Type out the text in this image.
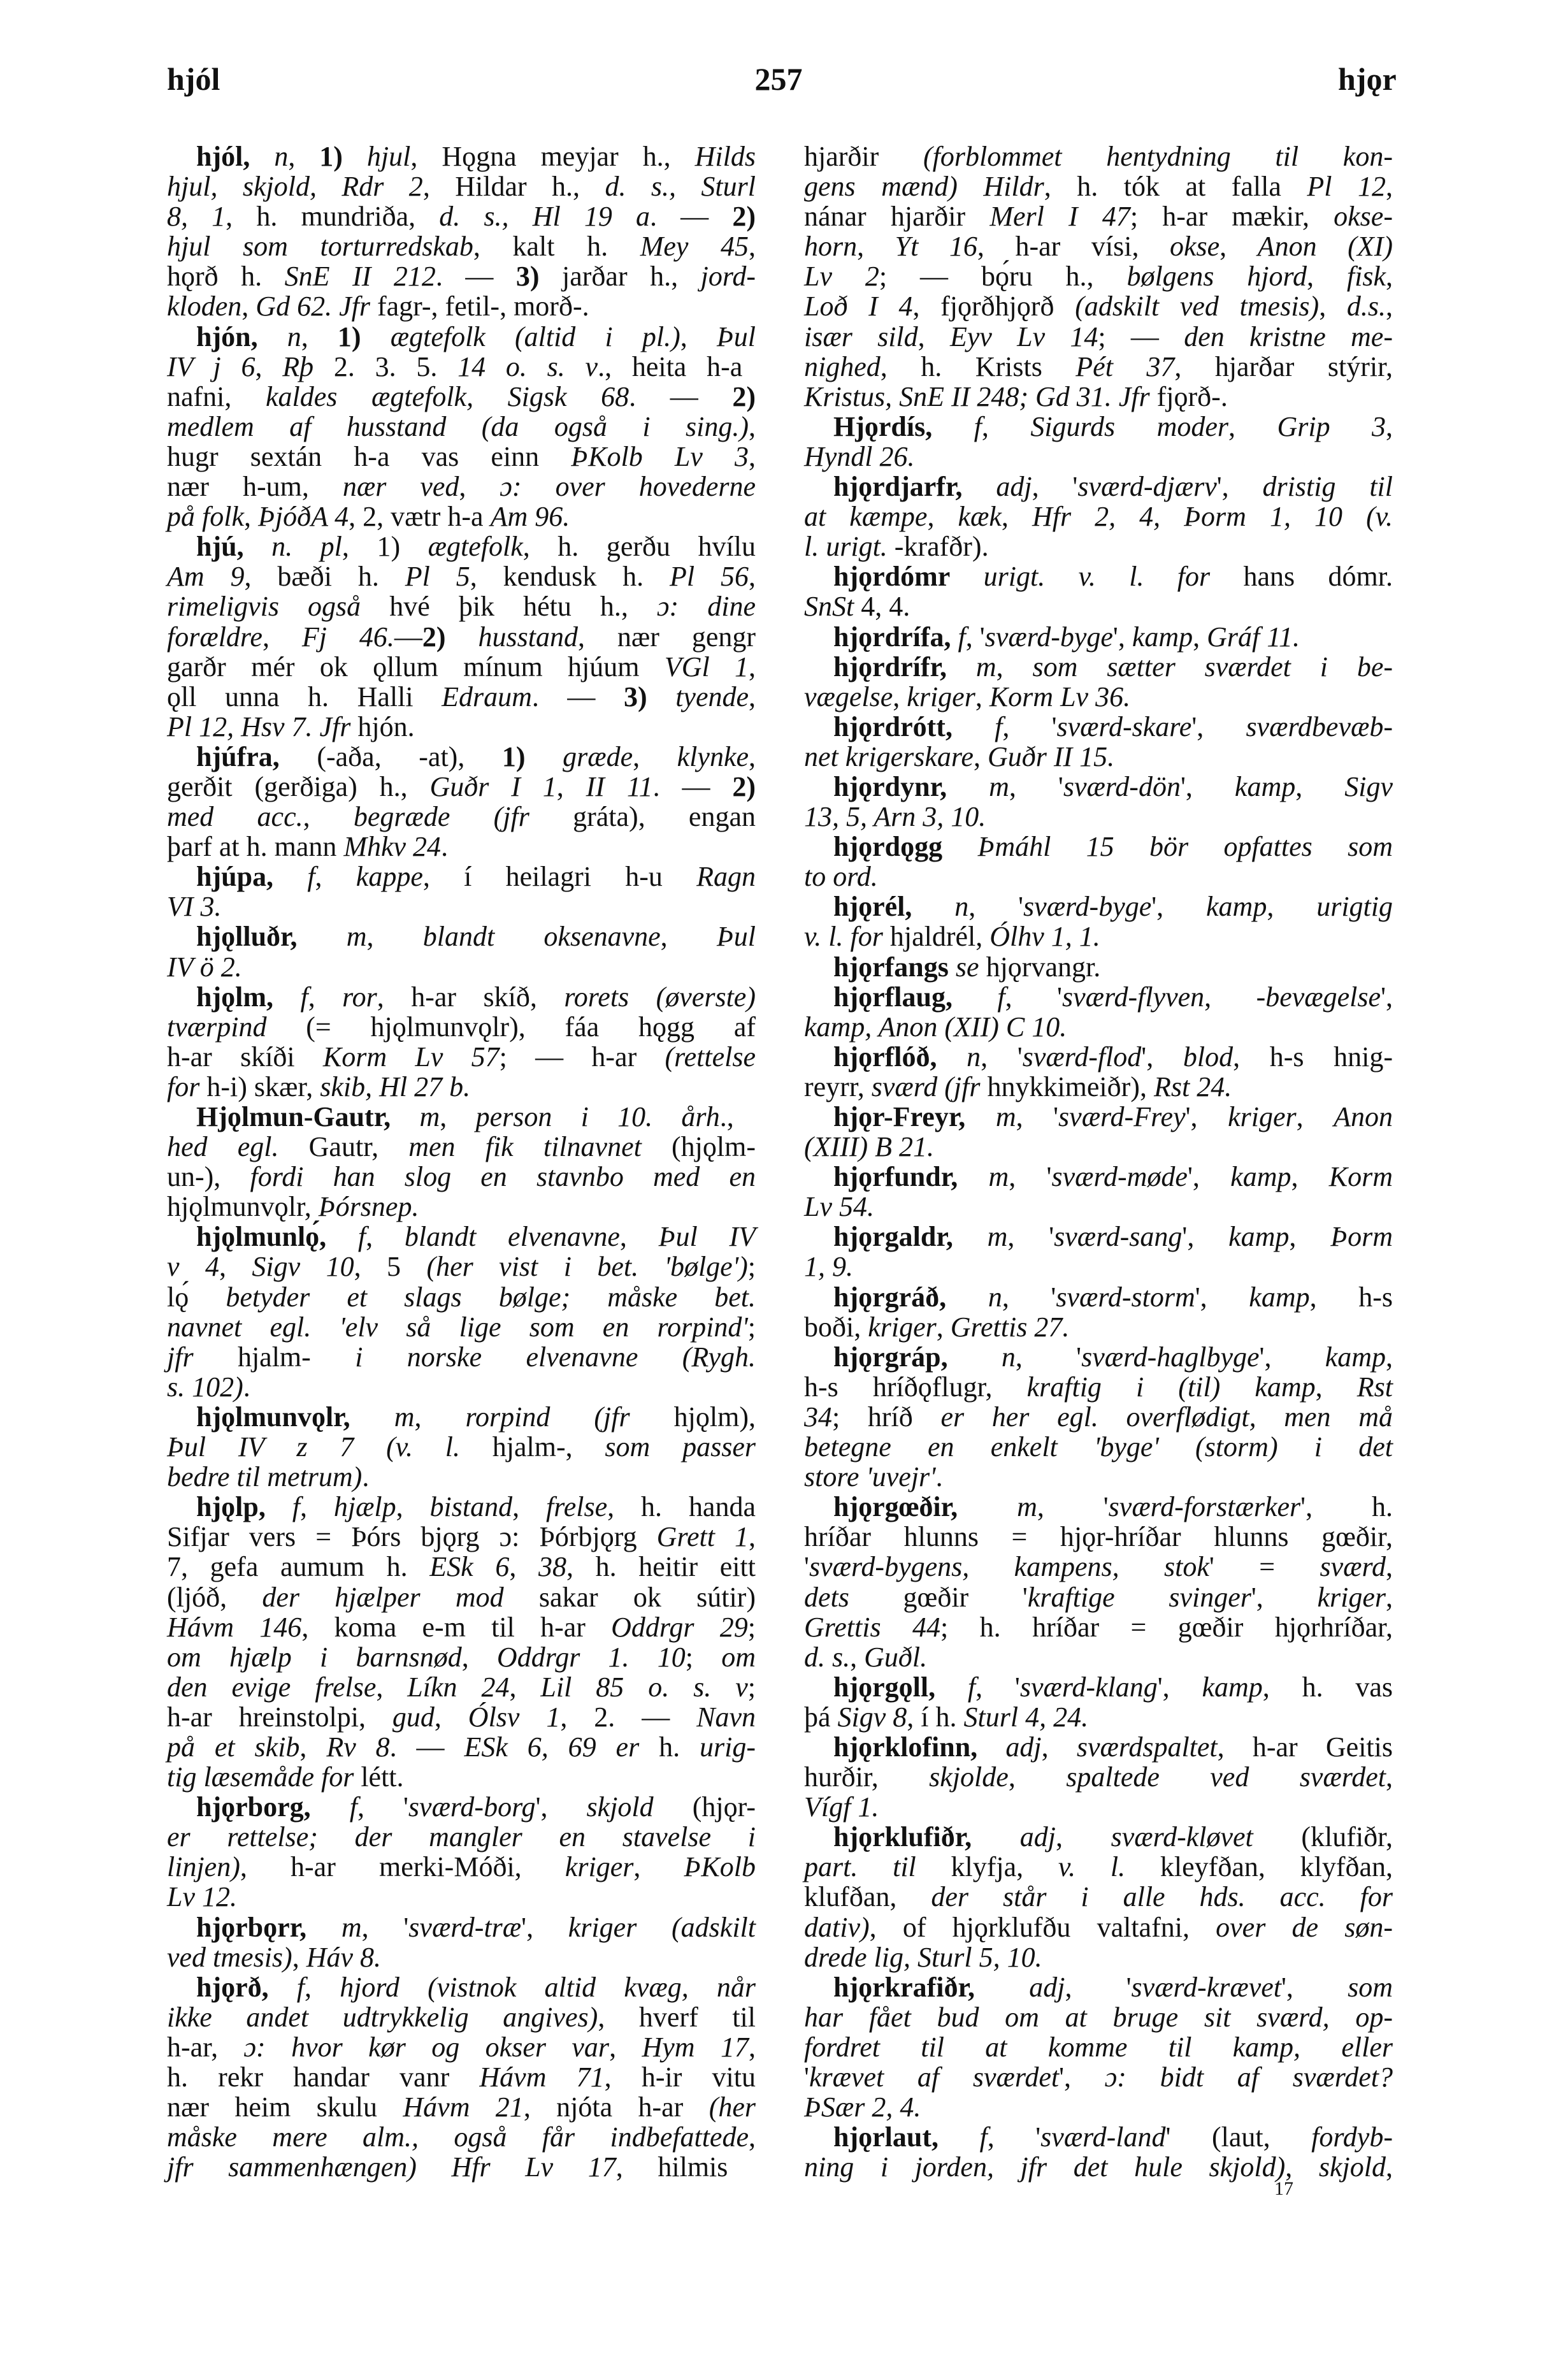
hjól	257	hjǫr
hjól, n, 1) hjul, Hǫgna meyjar h., Hilds
hjul, skjold, Rdr 2, Hildar h., d. s., Sturl
8, 1, h. mundriða, d. s., Hl 19 a. — 2)
hjul som torturredskab, kalt h. Mey 45,
hǫrð h. SnE II 212. — 3) jarðar h., jord-
kloden, Gd 62. Jfr fagr-, fetil-, morð-.
hjón, n, 1) ægtefolk (altid i pl.), Þul
IV j 6, Rþ 2. 3. 5. 14 o. s. v., heita h-a
nafni, kaldes ægtefolk, Sigsk 68. — 2)
medlem af husstand (da også i sing.),
hugr sextán h-a vas einn ÞKolb Lv 3,
nær h-um, nær ved, ɔ: over hovederne
på folk, ÞjóðA 4, 2, vætr h-a Am 96.
hjú, n. pl, 1) ægtefolk, h. gerðu hvílu
Am 9, bæði h. Pl 5, kendusk h. Pl 56,
rimeligvis også hvé þik hétu h., ɔ: dine
forældre, Fj 46.—2) husstand, nær gengr
garðr mér ok ǫllum mínum hjúum VGl 1,
ǫll unna h. Halli Edraum. — 3) tyende,
Pl 12, Hsv 7. Jfr hjón.
hjúfra, (-aða, -at), 1) græde, klynke,
gerðit (gerðiga) h., Guðr I 1, II 11. — 2)
med acc., begræde (jfr gráta), engan
þarf at h. mann Mhkv 24.
hjúpa, f, kappe, í heilagri h-u Ragn
VI 3.
hjǫlluðr, m, blandt oksenavne, Þul
IV ö 2.
hjǫlm, f, ror, h-ar skíð, rorets (øverste)
tværpind (= hjǫlmunvǫlr), fáa hǫgg af
h-ar skíði Korm Lv 57; — h-ar (rettelse
for h-i) skær, skib, Hl 27 b.
Hjǫlmun-Gautr, m, person i 10. årh.,
hed egl. Gautr, men fik tilnavnet (hjǫlm-
un-), fordi han slog en stavnbo med en
hjǫlmunvǫlr, Þórsnep.
hjǫlmunlǫ́, f, blandt elvenavne, Þul IV
v 4, Sigv 10, 5 (her vist i bet. 'bølge');
lǫ́ betyder et slags bølge; måske bet.
navnet egl. 'elv så lige som en rorpind';
jfr hjalm- i norske elvenavne (Rygh.
s. 102).
hjǫlmunvǫlr, m, rorpind (jfr hjǫlm),
Þul IV z 7 (v. l. hjalm-, som passer
bedre til metrum).
hjǫlp, f, hjælp, bistand, frelse, h. handa
Sifjar vers = Þórs bjǫrg ɔ: Þórbjǫrg Grett 1,
7, gefa aumum h. ESk 6, 38, h. heitir eitt
(ljóð, der hjælper mod sakar ok sútir)
Hávm 146, koma e-m til h-ar Oddrgr 29;
om hjælp i barnsnød, Oddrgr 1. 10; om
den evige frelse, Líkn 24, Lil 85 o. s. v;
h-ar hreinstolpi, gud, Ólsv 1, 2. — Navn
på et skib, Rv 8. — ESk 6, 69 er h. urig-
tig læsemåde for létt.
hjǫrborg, f, 'sværd-borg', skjold (hjǫr-
er rettelse; der mangler en stavelse i
linjen), h-ar merki-Móði, kriger, ÞKolb
Lv 12.
hjǫrbǫrr, m, 'sværd-træ', kriger (adskilt
ved tmesis), Háv 8.
hjǫrð, f, hjord (vistnok altid kvæg, når
ikke andet udtrykkelig angives), hverf til
h-ar, ɔ: hvor kør og okser var, Hym 17,
h. rekr handar vanr Hávm 71, h-ir vitu
nær heim skulu Hávm 21, njóta h-ar (her
måske mere alm., også får indbefattede,
jfr sammenhængen) Hfr Lv 17, hilmis
hjarðir (forblommet hentydning til kon-
gens mænd) Hildr, h. tók at falla Pl 12,
nánar hjarðir Merl I 47; h-ar mækir, okse-
horn, Yt 16, h-ar vísi, okse, Anon (XI)
Lv 2; — bǫ́ru h., bølgens hjord, fisk,
Loð I 4, fjǫrðhjǫrð (adskilt ved tmesis), d.s.,
især sild, Eyv Lv 14; — den kristne me-
nighed, h. Krists Pét 37, hjarðar stýrir,
Kristus, SnE II 248; Gd 31. Jfr fjǫrð-.
Hjǫrdís, f, Sigurds moder, Grip 3,
Hyndl 26.
hjǫrdjarfr, adj, 'sværd-djærv', dristig til
at kæmpe, kæk, Hfr 2, 4, Þorm 1, 10 (v.
l. urigt. -krafðr).
hjǫrdómr urigt. v. l. for hans dómr.
SnSt 4, 4.
hjǫrdrífa, f, 'sværd-byge', kamp, Gráf 11.
hjǫrdrífr, m, som sætter sværdet i be-
vægelse, kriger, Korm Lv 36.
hjǫrdrótt, f, 'sværd-skare', sværdbevæb-
net krigerskare, Guðr II 15.
hjǫrdynr, m, 'sværd-dön', kamp, Sigv
13, 5, Arn 3, 10.
hjǫrdǫgg Þmáhl 15 bör opfattes som
to ord.
hjǫrél, n, 'sværd-byge', kamp, urigtig
v. l. for hjaldrél, Ólhv 1, 1.
hjǫrfangs se hjǫrvangr.
hjǫrflaug, f, 'sværd-flyven, -bevægelse',
kamp, Anon (XII) C 10.
hjǫrflóð, n, 'sværd-flod', blod, h-s hnig-
reyrr, sværd (jfr hnykkimeiðr), Rst 24.
hjǫr-Freyr, m, 'sværd-Frey', kriger, Anon
(XIII) B 21.
hjǫrfundr, m, 'sværd-møde', kamp, Korm
Lv 54.
hjǫrgaldr, m, 'sværd-sang', kamp, Þorm
1, 9.
hjǫrgráð, n, 'sværd-storm', kamp, h-s
boði, kriger, Grettis 27.
hjǫrgráp, n, 'sværd-haglbyge', kamp,
h-s hríðǫflugr, kraftig i (til) kamp, Rst
34; hríð er her egl. overflødigt, men må
betegne en enkelt 'byge' (storm) i det
store 'uvejr'.
hjǫrgœðir, m, 'sværd-forstærker', h.
hríðar hlunns = hjǫr-hríðar hlunns gœðir,
'sværd-bygens, kampens, stok' = sværd,
dets gœðir 'kraftige svinger', kriger,
Grettis 44; h. hríðar = gœðir hjǫrhríðar,
d. s., Guðl.
hjǫrgǫll, f, 'sværd-klang', kamp, h. vas
þá Sigv 8, í h. Sturl 4, 24.
hjǫrklofinn, adj, sværdspaltet, h-ar Geitis
hurðir, skjolde, spaltede ved sværdet,
Vígf 1.
hjǫrklufiðr, adj, sværd-kløvet (klufiðr,
part. til klyfja, v. l. kleyfðan, klyfðan,
klufðan, der står i alle hds. acc. for
dativ), of hjǫrklufðu valtafni, over de søn-
drede lig, Sturl 5, 10.
hjǫrkrafiðr, adj, 'sværd-krævet', som
har fået bud om at bruge sit sværd, op-
fordret til at komme til kamp, eller
'krævet af sværdet', ɔ: bidt af sværdet?
ÞSær 2, 4.
hjǫrlaut, f, 'sværd-land' (laut, fordyb-
ning i jorden, jfr det hule skjold), skjold,
17
